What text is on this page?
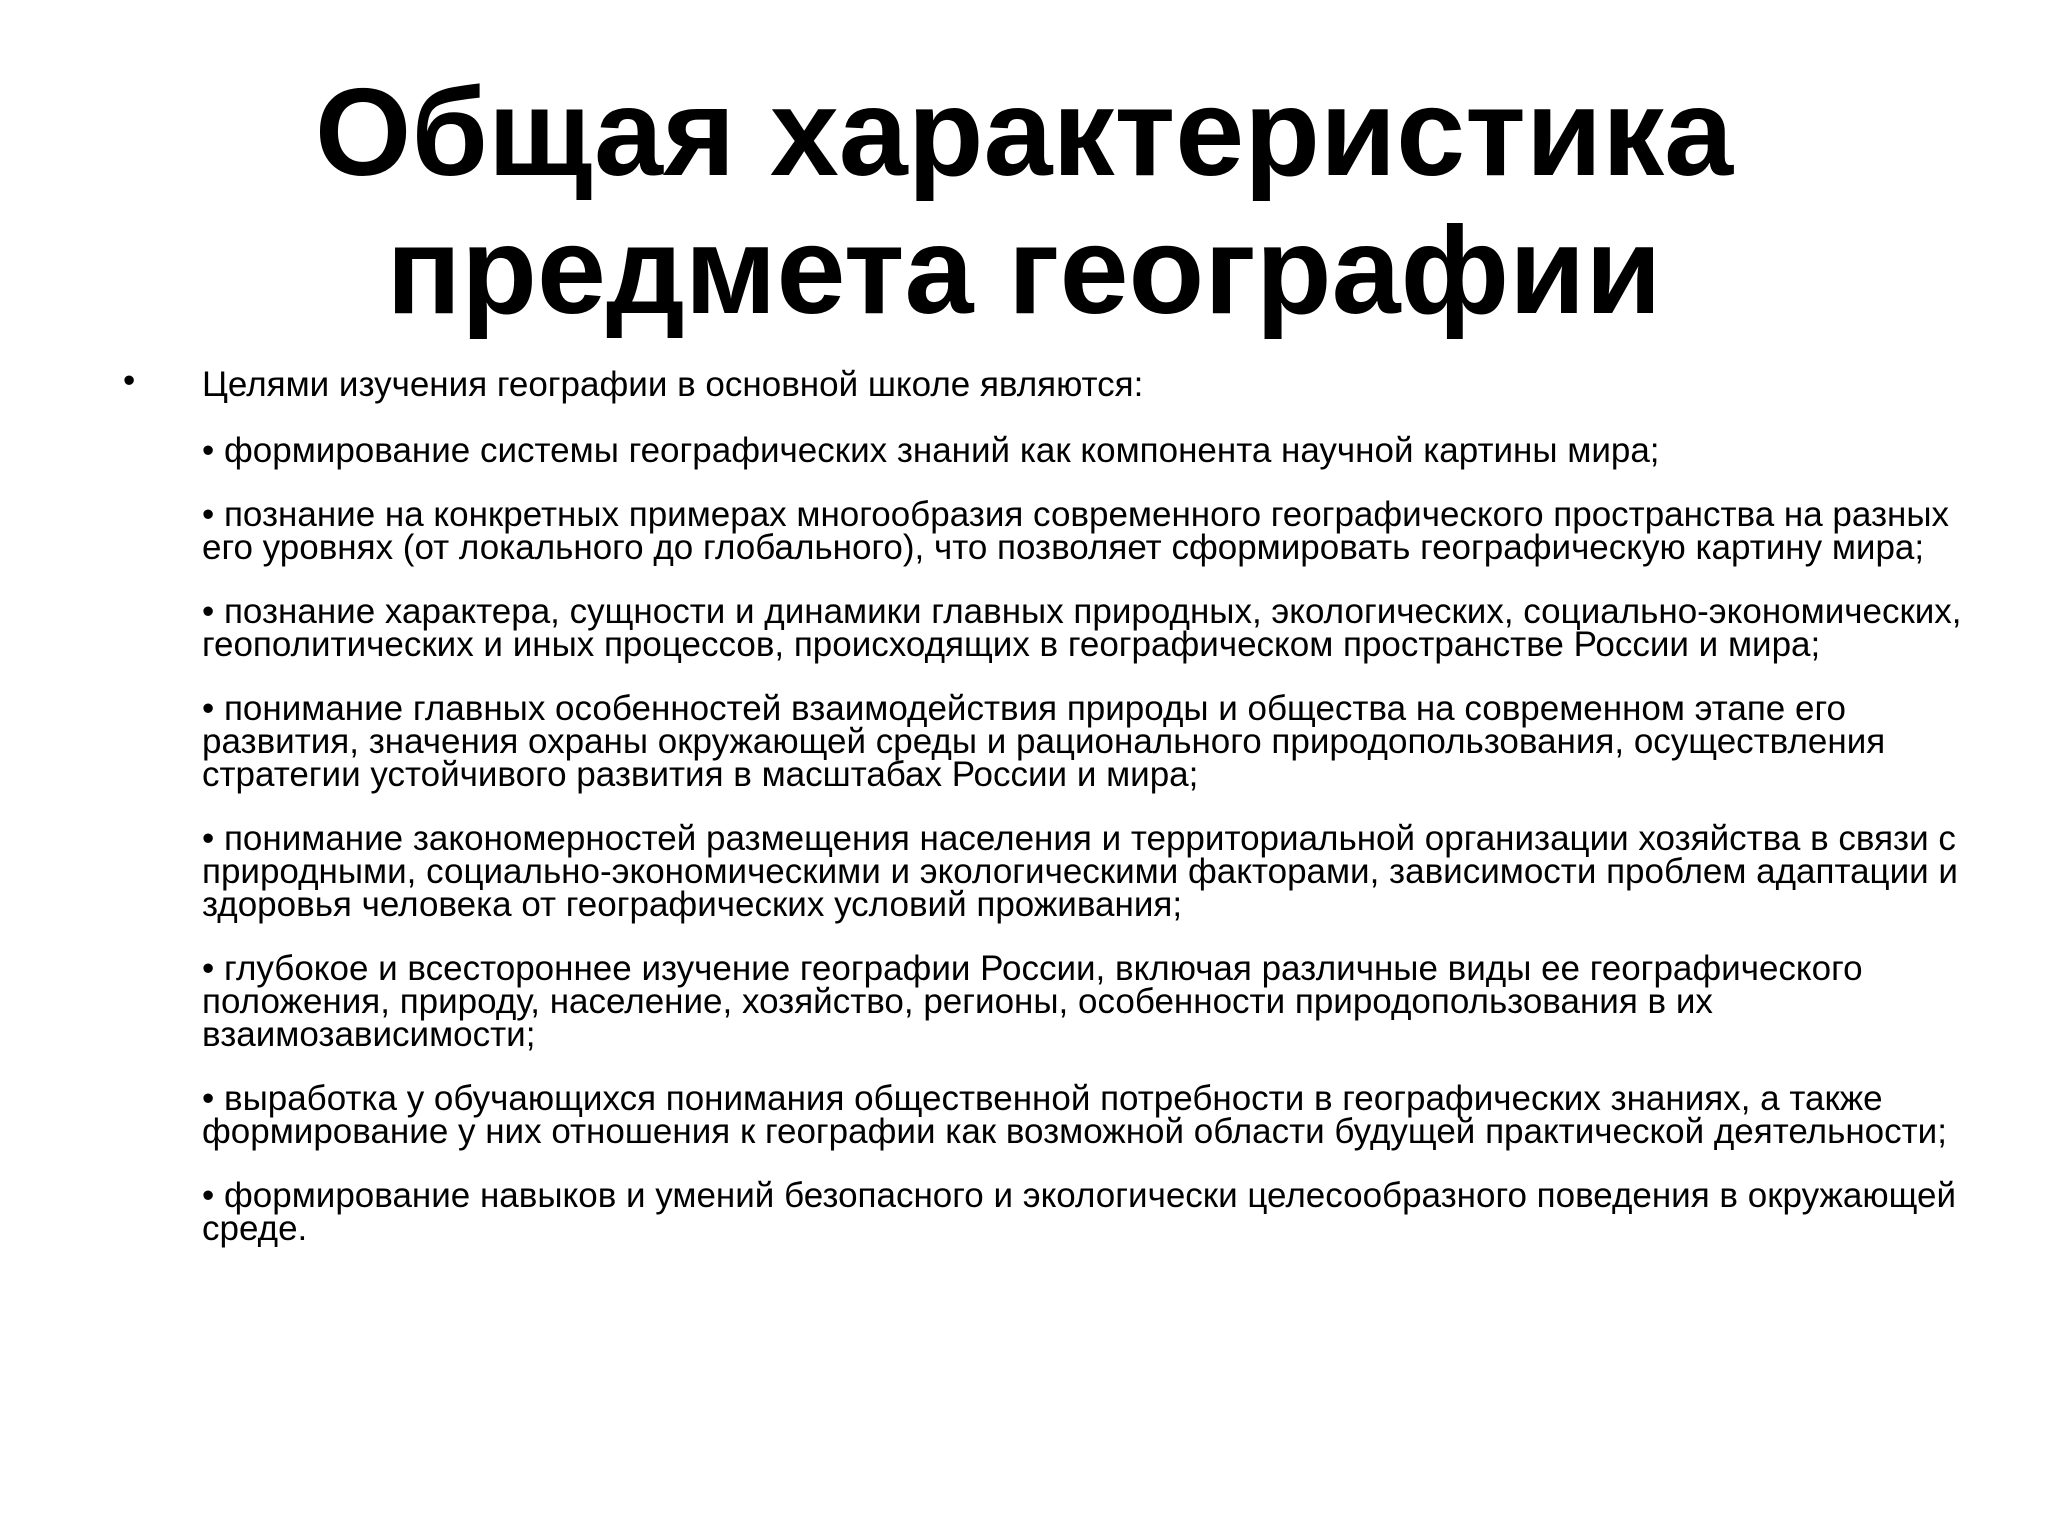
Общая характеристика
предмета географии
• Целями изучения географии в основной школе являются:

• формирование системы географических знаний как компонента научной картины мира;

• познание на конкретных примерах многообразия современного географического пространства на разных его уровнях (от локального до глобального), что позволяет сформировать географическую картину мира;

• познание характера, сущности и динамики главных природных, экологических, социально-экономических, геополитических и иных процессов, происходящих в географическом пространстве России и мира;

• понимание главных особенностей взаимодействия природы и общества на современном этапе его развития, значения охраны окружающей среды и рационального природопользования, осуществления стратегии устойчивого развития в масштабах России и мира;

• понимание закономерностей размещения населения и территориальной организации хозяйства в связи с природными, социально-экономическими и экологическими факторами, зависимости проблем адаптации и здоровья человека от географических условий проживания;

• глубокое и всестороннее изучение географии России, включая различные виды ее географического положения, природу, население, хозяйство, регионы, особенности природопользования в их взаимозависимости;

• выработка у обучающихся понимания общественной потребности в географических знаниях, а также формирование у них отношения к географии как возможной области будущей практической деятельности;

• формирование навыков и умений безопасного и экологически целесообразного поведения в окружающей среде.
